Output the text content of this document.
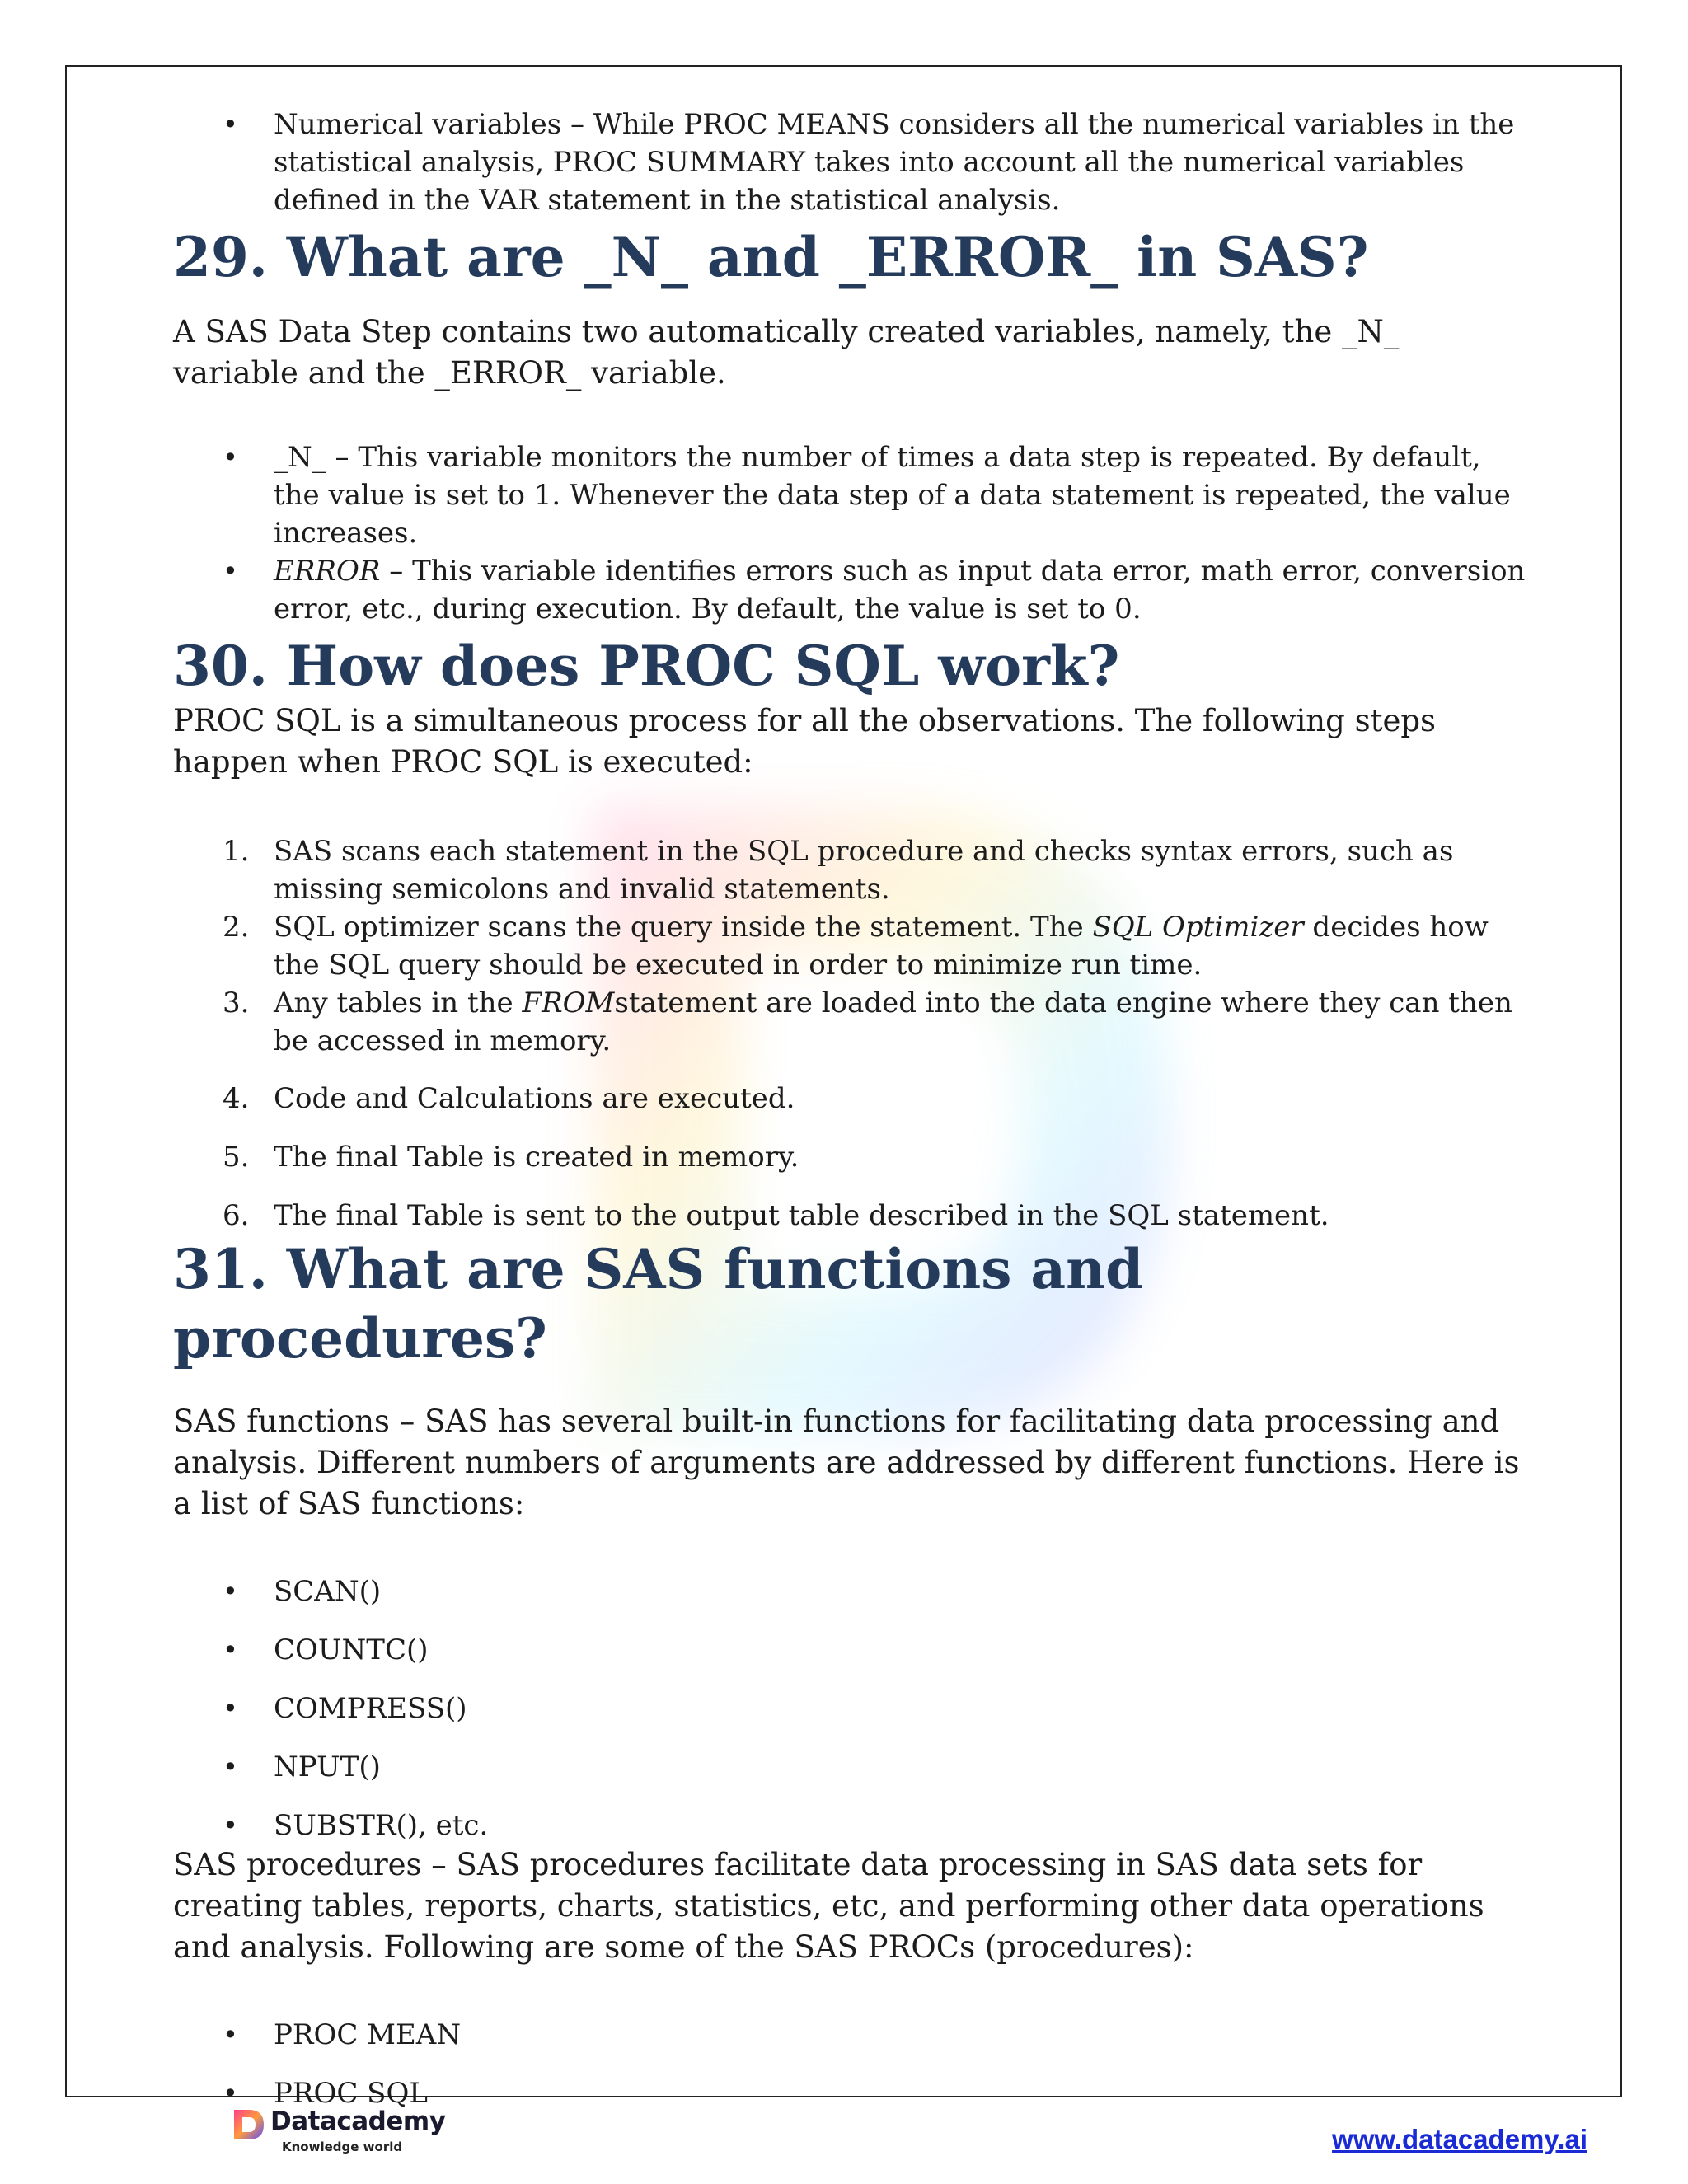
• Numerical variables – While PROC MEANS considers all the numerical variables in the statistical analysis, PROC SUMMARY takes into account all the numerical variables defined in the VAR statement in the statistical analysis.
29. What are _N_ and _ERROR_ in SAS?

A SAS Data Step contains two automatically created variables, namely, the _N_ variable and the _ERROR_ variable.

• _N_ – This variable monitors the number of times a data step is repeated. By default, the value is set to 1. Whenever the data step of a data statement is repeated, the value increases.
• ERROR – This variable identifies errors such as input data error, math error, conversion error, etc., during execution. By default, the value is set to 0.
30. How does PROC SQL work?

PROC SQL is a simultaneous process for all the observations. The following steps happen when PROC SQL is executed:

1. SAS scans each statement in the SQL procedure and checks syntax errors, such as missing semicolons and invalid statements.
2. SQL optimizer scans the query inside the statement. The SQL Optimizer decides how the SQL query should be executed in order to minimize run time.
3. Any tables in the FROMstatement are loaded into the data engine where they can then be accessed in memory.
4. Code and Calculations are executed.
5. The final Table is created in memory.
6. The final Table is sent to the output table described in the SQL statement.
31. What are SAS functions and procedures?

SAS functions – SAS has several built-in functions for facilitating data processing and analysis. Different numbers of arguments are addressed by different functions. Here is a list of SAS functions:

• SCAN()
• COUNTC()
• COMPRESS()
• NPUT()
• SUBSTR(), etc.

SAS procedures – SAS procedures facilitate data processing in SAS data sets for creating tables, reports, charts, statistics, etc, and performing other data operations and analysis. Following are some of the SAS PROCs (procedures):

• PROC MEAN
• PROC SQL
Datacademy
Knowledge world	www.datacademy.ai
